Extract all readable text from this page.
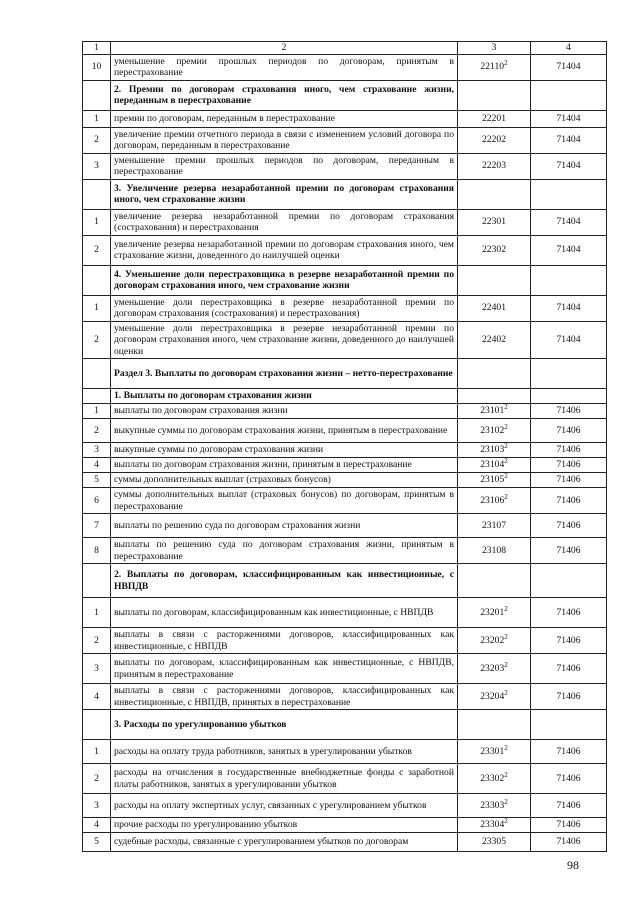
1	2	3	4
10	уменьшение премии прошлых периодов по договорам, принятым в перестрахование	22110$^2$	71404
	2. Премии по договорам страхования иного, чем страхование жизни, переданным в перестрахование		
1	премии по договорам, переданным в перестрахование	22201	71404
2	увеличение премии отчетного периода в связи с изменением условий договора по договорам, переданным в перестрахование	22202	71404
3	уменьшение премии прошлых периодов по договорам, переданным в перестрахование	22203	71404
	3. Увеличение резерва незаработанной премии по договорам страхования иного, чем страхование жизни		
1	увеличение резерва незаработанной премии по договорам страхования (сострахования) и перестрахования	22301	71404
2	увеличение резерва незаработанной премии по договорам страхования иного, чем страхование жизни, доведенного до наилучшей оценки	22302	71404
	4. Уменьшение доли перестраховщика в резерве незаработанной премии по договорам страхования иного, чем страхование жизни		
1	уменьшение доли перестраховщика в резерве незаработанной премии по договорам страхования (сострахования) и перестрахования)	22401	71404
2	уменьшение доли перестраховщика в резерве незаработанной премии по договорам страхования иного, чем страхование жизни, доведенного до наилучшей оценки	22402	71404
	Раздел 3. Выплаты по договорам страхования жизни – нетто-перестрахование		
	1. Выплаты по договорам страхования жизни		
1	выплаты по договорам страхования жизни	23101$^2$	71406
2	выкупные суммы по договорам страхования жизни, принятым в перестрахование	23102$^2$	71406
3	выкупные суммы по договорам страхования жизни	23103$^2$	71406
4	выплаты по договорам страхования жизни, принятым в перестрахование	23104$^2$	71406
5	суммы дополнительных выплат (страховых бонусов)	23105$^2$	71406
6	суммы дополнительных выплат (страховых бонусов) по договорам, принятым в перестрахование	23106$^2$	71406
7	выплаты по решению суда по договорам страхования жизни	23107	71406
8	выплаты по решению суда по договорам страхования жизни, принятым в перестрахование	23108	71406
	2. Выплаты по договорам, классифицированным как инвестиционные, с НВПДВ		
1	выплаты по договорам, классифицированным как инвестиционные, с НВПДВ	23201$^2$	71406
2	выплаты в связи с расторжениями договоров, классифицированных как инвестиционные, с НВПДВ	23202$^2$	71406
3	выплаты по договорам, классифицированным как инвестиционные, с НВПДВ, принятым в перестрахование	23203$^2$	71406
4	выплаты в связи с расторжениями договоров, классифицированных как инвестиционные, с НВПДВ, принятых в перестрахование	23204$^2$	71406
	3. Расходы по урегулированию убытков		
1	расходы на оплату труда работников, занятых в урегулировании убытков	23301$^2$	71406
2	расходы на отчисления в государственные внебюджетные фонды с заработной платы работников, занятых в урегулировании убытков	23302$^2$	71406
3	расходы на оплату экспертных услуг, связанных с урегулированием убытков	23303$^2$	71406
4	прочие расходы по урегулированию убытков	23304$^2$	71406
5	судебные расходы, связанные с урегулированием убытков по договорам	23305	71406
98
